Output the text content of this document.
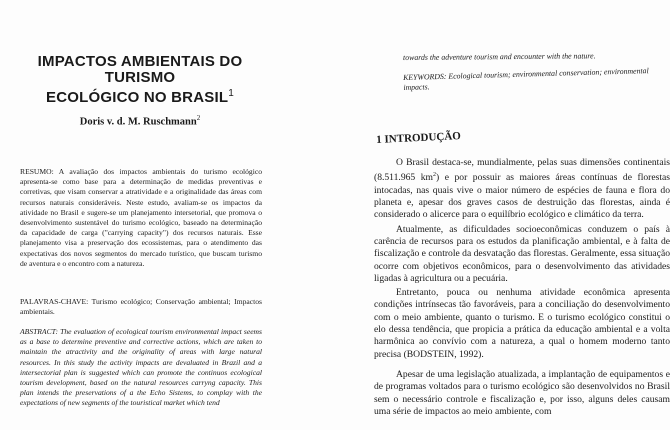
IMPACTOS AMBIENTAIS DO TURISMO
ECOLÓGICO NO BRASIL$^1$

Doris v. d. M. Ruschmann$^2$

RESUMO: A avaliação dos impactos ambientais do turismo ecológico apresenta-se como base para a determinação de medidas preventivas e corretivas, que visam conservar a atratividade e a originalidade das áreas com recursos naturais consideráveis. Neste estudo, avaliam-se os impactos da atividade no Brasil e sugere-se um planejamento intersetorial, que promova o desenvolvimento sustentável do turismo ecológico, baseado na determinação da capacidade de carga ("carrying capacity") dos recursos naturais. Esse planejamento visa a preservação dos ecossistemas, para o atendimento das expectativas dos novos segmentos do mercado turístico, que buscam turismo de aventura e o encontro com a natureza.

PALAVRAS-CHAVE: Turismo ecológico; Conservação ambiental; Impactos ambientais.

ABSTRACT: The evaluation of ecological tourism environmental impact seems as a base to determine preventive and corrective actions, which are taken to maintain the atractivity and the originality of areas with large natural resources. In this study the activity impacts are devaluated in Brazil and a intersectorial plan is suggested which can promote the continuos ecological tourism development, based on the natural resources carryng capacity. This plan intends the preservations of a the Echo Sistems, to complay with the expectations of new segments of the touristical market which tend

towards the adventure tourism and encounter with the nature.

KEYWORDS: Ecological tourism; environmental conservation; environmental impacts.

1 INTRODUÇÃO

O Brasil destaca-se, mundialmente, pelas suas dimensões continentais (8.511.965 $km^2$) e por possuir as maiores áreas contínuas de florestas intocadas, nas quais vive o maior número de espécies de fauna e flora do planeta e, apesar dos graves casos de destruição das florestas, ainda é considerado o alicerce para o equilíbrio ecológico e climático da terra.

Atualmente, as dificuldades socioeconômicas conduzem o país à carência de recursos para os estudos da planificação ambiental, e à falta de fiscalização e controle da desvatação das florestas. Geralmente, essa situação ocorre com objetivos econômicos, para o desenvolvimento das atividades ligadas à agricultura ou a pecuária.

Entretanto, pouca ou nenhuma atividade econômica apresenta condições intrínsecas tão favoráveis, para a conciliação do desenvolvimento com o meio ambiente, quanto o turismo. E o turismo ecológico constitui o elo dessa tendência, que propicia a prática da educação ambiental e a volta harmônica ao convívio com a natureza, a qual o homem moderno tanto precisa (BODSTEIN, 1992).

Apesar de uma legislação atualizada, a implantação de equipamentos e de programas voltados para o turismo ecológico são desenvolvidos no Brasil sem o necessário controle e fiscalização e, por isso, alguns deles causam uma série de impactos ao meio ambiente, com
